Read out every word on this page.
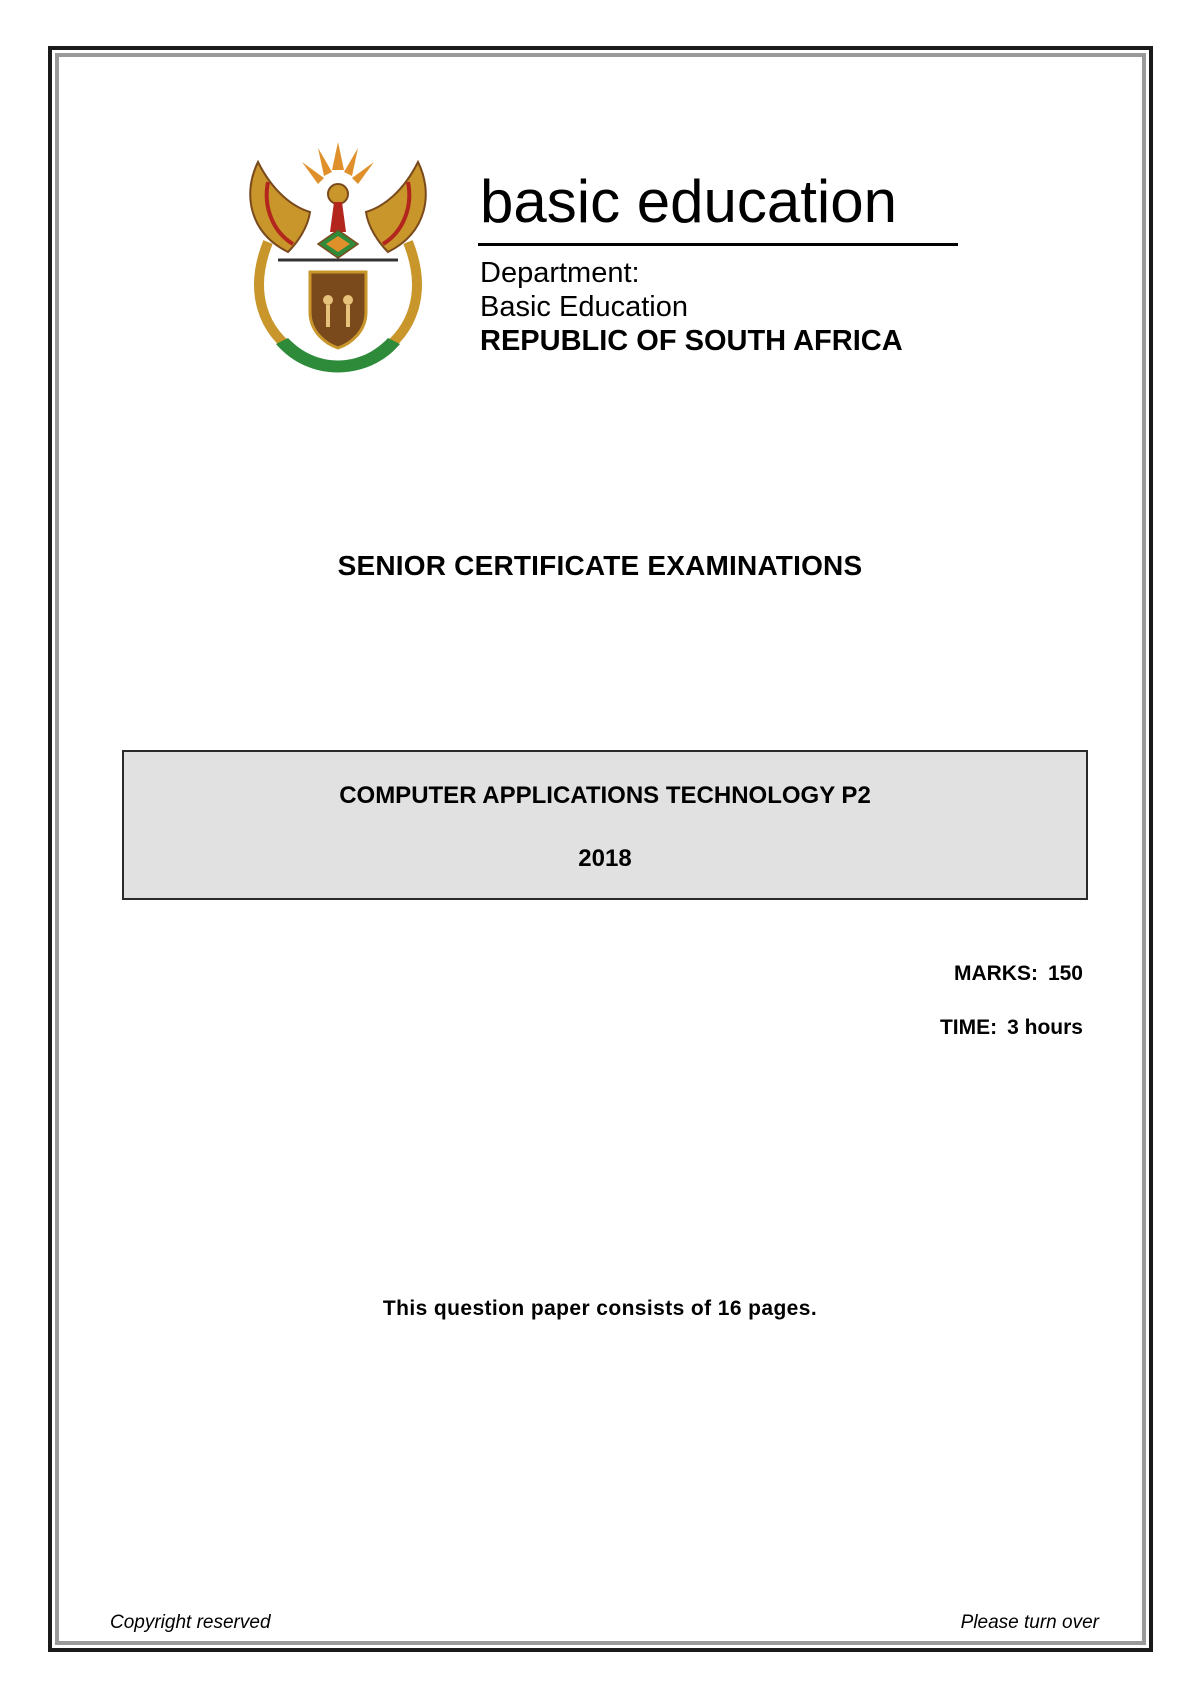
basic education
Department:
Basic Education
REPUBLIC OF SOUTH AFRICA
SENIOR CERTIFICATE EXAMINATIONS
COMPUTER APPLICATIONS TECHNOLOGY P2
2018
MARKS: 150
TIME: 3 hours
This question paper consists of 16 pages.
Copyright reserved	Please turn over
